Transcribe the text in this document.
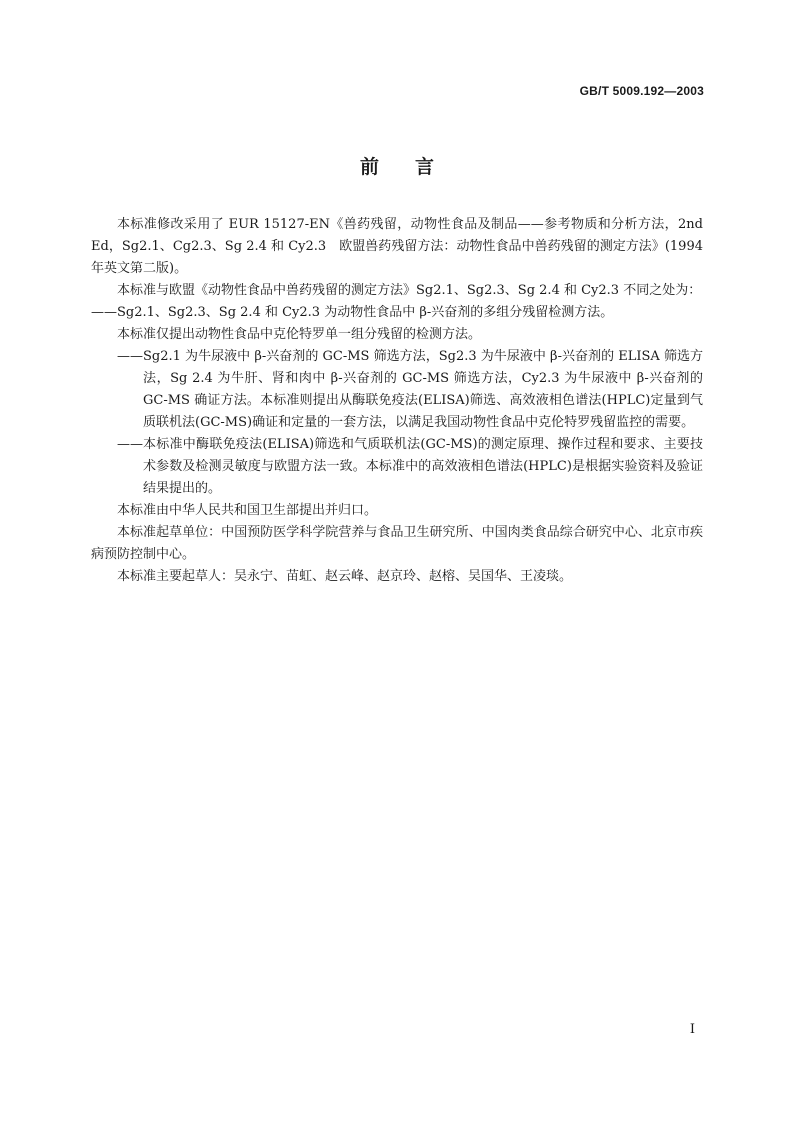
GB/T 5009.192—2003
前言

本标准修改采用了 EUR 15127-EN《兽药残留，动物性食品及制品——参考物质和分析方法，2nd Ed，Sg2.1、Cg2.3、Sg 2.4 和 Cy2.3　欧盟兽药残留方法：动物性食品中兽药残留的测定方法》(1994 年英文第二版)。

本标准与欧盟《动物性食品中兽药残留的测定方法》Sg2.1、Sg2.3、Sg 2.4 和 Cy2.3 不同之处为：

—— Sg2.1、Sg2.3、Sg 2.4 和 Cy2.3 为动物性食品中 β-兴奋剂的多组分残留检测方法。

本标准仅提出动物性食品中克伦特罗单一组分残留的检测方法。

—— Sg2.1 为牛尿液中 β-兴奋剂的 GC-MS 筛选方法，Sg2.3 为牛尿液中 β-兴奋剂的 ELISA 筛选方法，Sg 2.4 为牛肝、肾和肉中 β-兴奋剂的 GC-MS 筛选方法，Cy2.3 为牛尿液中 β-兴奋剂的 GC-MS 确证方法。本标准则提出从酶联免疫法(ELISA)筛选、高效液相色谱法(HPLC)定量到气质联机法(GC-MS)确证和定量的一套方法，以满足我国动物性食品中克伦特罗残留监控的需要。
—— 本标准中酶联免疫法(ELISA)筛选和气质联机法(GC-MS)的测定原理、操作过程和要求、主要技术参数及检测灵敏度与欧盟方法一致。本标准中的高效液相色谱法(HPLC)是根据实验资料及验证结果提出的。

本标准由中华人民共和国卫生部提出并归口。

本标准起草单位：中国预防医学科学院营养与食品卫生研究所、中国肉类食品综合研究中心、北京市疾病预防控制中心。

本标准主要起草人：吴永宁、苗虹、赵云峰、赵京玲、赵榕、吴国华、王凌琰。

I
